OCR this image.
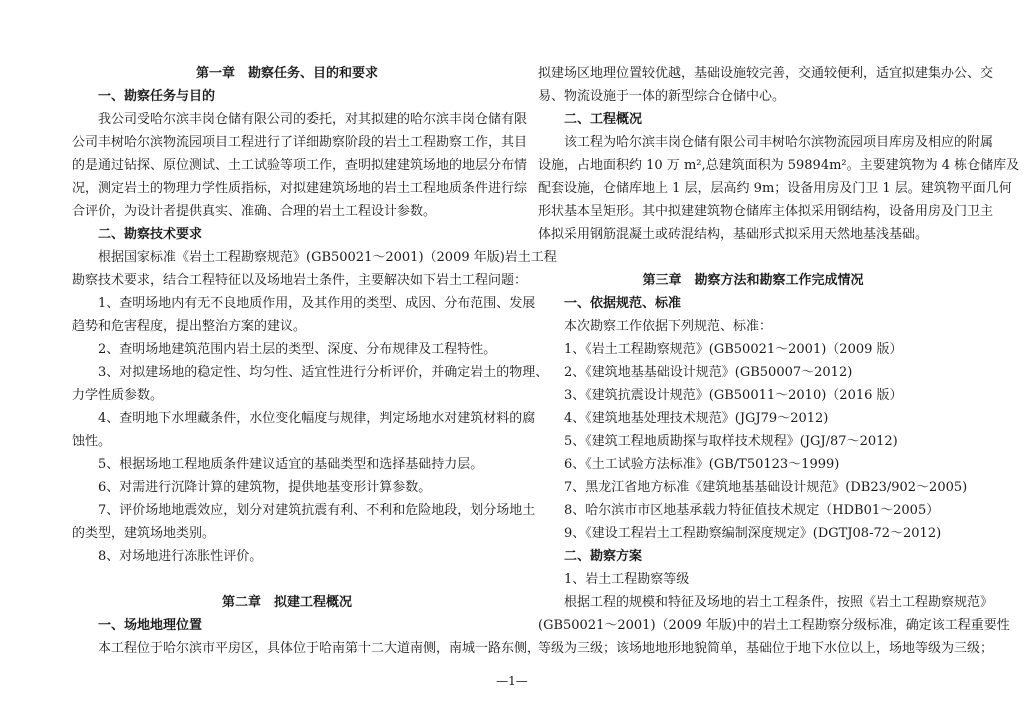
第一章　勘察任务、目的和要求
一、勘察任务与目的
我公司受哈尔滨丰岗仓储有限公司的委托，对其拟建的哈尔滨丰岗仓储有限
公司丰树哈尔滨物流园项目工程进行了详细勘察阶段的岩土工程勘察工作，其目
的是通过钻探、原位测试、土工试验等项工作，查明拟建建筑场地的地层分布情
况，测定岩土的物理力学性质指标，对拟建建筑场地的岩土工程地质条件进行综
合评价，为设计者提供真实、准确、合理的岩土工程设计参数。
二、勘察技术要求
根据国家标准《岩土工程勘察规范》(GB50021～2001)（2009 年版)岩土工程
勘察技术要求，结合工程特征以及场地岩土条件，主要解决如下岩土工程问题：
1、查明场地内有无不良地质作用，及其作用的类型、成因、分布范围、发展
趋势和危害程度，提出整治方案的建议。
2、查明场地建筑范围内岩土层的类型、深度、分布规律及工程特性。
3、对拟建场地的稳定性、均匀性、适宜性进行分析评价，并确定岩土的物理、
力学性质参数。
4、查明地下水埋藏条件，水位变化幅度与规律，判定场地水对建筑材料的腐
蚀性。
5、根据场地工程地质条件建议适宜的基础类型和选择基础持力层。
6、对需进行沉降计算的建筑物，提供地基变形计算参数。
7、评价场地地震效应，划分对建筑抗震有利、不利和危险地段，划分场地土
的类型，建筑场地类别。
8、对场地进行冻胀性评价。
第二章　拟建工程概况
一、场地地理位置
本工程位于哈尔滨市平房区，具体位于哈南第十二大道南侧，南城一路东侧，
拟建场区地理位置较优越，基础设施较完善，交通较便利，适宜拟建集办公、交
易、物流设施于一体的新型综合仓储中心。
二、工程概况
该工程为哈尔滨丰岗仓储有限公司丰树哈尔滨物流园项目库房及相应的附属
设施，占地面积约 10 万 m²,总建筑面积为 59894m²。主要建筑物为 4 栋仓储库及
配套设施，仓储库地上 1 层，层高约 9m；设备用房及门卫 1 层。建筑物平面几何
形状基本呈矩形。其中拟建建筑物仓储库主体拟采用钢结构，设备用房及门卫主
体拟采用钢筋混凝土或砖混结构，基础形式拟采用天然地基浅基础。
第三章　勘察方法和勘察工作完成情况
一、依据规范、标准
本次勘察工作依据下列规范、标准：
1、《岩土工程勘察规范》(GB50021～2001)（2009 版）
2、《建筑地基基础设计规范》(GB50007～2012)
3、《建筑抗震设计规范》(GB50011～2010)（2016 版）
4、《建筑地基处理技术规范》(JGJ79～2012)
5、《建筑工程地质勘探与取样技术规程》(JGJ/87～2012)
6、《土工试验方法标准》(GB/T50123～1999)
7、黑龙江省地方标准《建筑地基基础设计规范》(DB23/902～2005)
8、哈尔滨市市区地基承载力特征值技术规定（HDB01～2005）
9、《建设工程岩土工程勘察编制深度规定》(DGTJ08-72～2012)
二、勘察方案
1、岩土工程勘察等级
根据工程的规模和特征及场地的岩土工程条件，按照《岩土工程勘察规范》
(GB50021～2001)（2009 年版)中的岩土工程勘察分级标准，确定该工程重要性
等级为三级；该场地地形地貌简单，基础位于地下水位以上，场地等级为三级；
—1—
